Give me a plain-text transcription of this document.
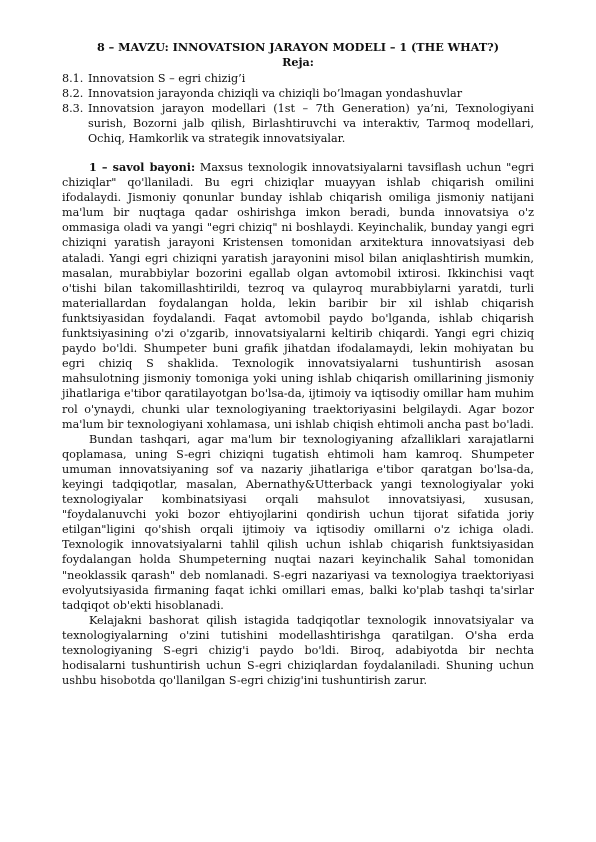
8 – MAVZU: INNOVATSION JARAYON MODELI – 1 (THE WHAT?)

Reja:

8.1. Innovatsion S – egri chizig’i
8.2. Innovatsion jarayonda chiziqli va chiziqli bo’lmagan yondashuvlar
8.3. Innovatsion jarayon modellari (1st – 7th Generation) ya’ni, Texnologiyani surish, Bozorni jalb qilish, Birlashtiruvchi va interaktiv, Tarmoq modellari, Ochiq, Hamkorlik va strategik innovatsiyalar.

1 – savol bayoni: Maxsus texnologik innovatsiyalarni tavsiflash uchun "egri chiziqlar" qo'llaniladi. Bu egri chiziqlar muayyan ishlab chiqarish omilini ifodalaydi. Jismoniy qonunlar bunday ishlab chiqarish omiliga jismoniy natijani ma'lum bir nuqtaga qadar oshirishga imkon beradi, bunda innovatsiya o'z ommasiga oladi va yangi "egri chiziq" ni boshlaydi. Keyinchalik, bunday yangi egri chiziqni yaratish jarayoni Kristensen tomonidan arxitektura innovatsiyasi deb ataladi. Yangi egri chiziqni yaratish jarayonini misol bilan aniqlashtirish mumkin, masalan, murabbiylar bozorini egallab olgan avtomobil ixtirosi. Ikkinchisi vaqt o'tishi bilan takomillashtirildi, tezroq va qulayroq murabbiylarni yaratdi, turli materiallardan foydalangan holda, lekin baribir bir xil ishlab chiqarish funktsiyasidan foydalandi. Faqat avtomobil paydo bo'lganda, ishlab chiqarish funktsiyasining o'zi o'zgarib, innovatsiyalarni keltirib chiqardi. Yangi egri chiziq paydo bo'ldi. Shumpeter buni grafik jihatdan ifodalamaydi, lekin mohiyatan bu egri chiziq S shaklida. Texnologik innovatsiyalarni tushuntirish asosan mahsulotning jismoniy tomoniga yoki uning ishlab chiqarish omillarining jismoniy jihatlariga e'tibor qaratilayotgan bo'lsa-da, ijtimoiy va iqtisodiy omillar ham muhim rol o'ynaydi, chunki ular texnologiyaning traektoriyasini belgilaydi. Agar bozor ma'lum bir texnologiyani xohlamasa, uni ishlab chiqish ehtimoli ancha past bo'ladi.

Bundan tashqari, agar ma'lum bir texnologiyaning afzalliklari xarajatlarni qoplamasa, uning S-egri chiziqni tugatish ehtimoli ham kamroq. Shumpeter umuman innovatsiyaning sof va nazariy jihatlariga e'tibor qaratgan bo'lsa-da, keyingi tadqiqotlar, masalan, Abernathy&Utterback yangi texnologiyalar yoki texnologiyalar kombinatsiyasi orqali mahsulot innovatsiyasi, xususan, "foydalanuvchi yoki bozor ehtiyojlarini qondirish uchun tijorat sifatida joriy etilgan"ligini qo'shish orqali ijtimoiy va iqtisodiy omillarni o'z ichiga oladi. Texnologik innovatsiyalarni tahlil qilish uchun ishlab chiqarish funktsiyasidan foydalangan holda Shumpeterning nuqtai nazari keyinchalik Sahal tomonidan "neoklassik qarash" deb nomlanadi. S-egri nazariyasi va texnologiya traektoriyasi evolyutsiyasida firmaning faqat ichki omillari emas, balki ko'plab tashqi ta'sirlar tadqiqot ob'ekti hisoblanadi.

Kelajakni bashorat qilish istagida tadqiqotlar texnologik innovatsiyalar va texnologiyalarning o'zini tutishini modellashtirishga qaratilgan. O'sha erda texnologiyaning S-egri chizig'i paydo bo'ldi. Biroq, adabiyotda bir nechta hodisalarni tushuntirish uchun S-egri chiziqlardan foydalaniladi. Shuning uchun ushbu hisobotda qo'llanilgan S-egri chizig'ini tushuntirish zarur.
